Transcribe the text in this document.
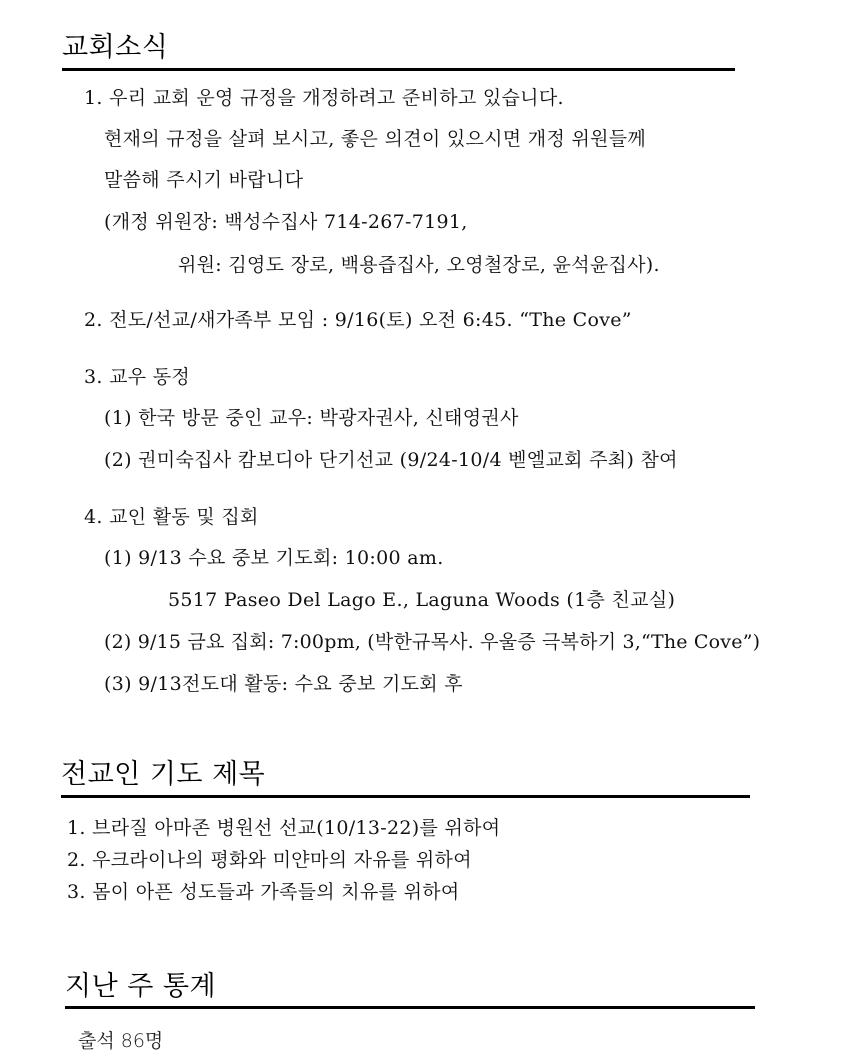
교회소식
1. 우리 교회 운영 규정을 개정하려고 준비하고 있습니다.
현재의 규정을 살펴 보시고, 좋은 의견이 있으시면 개정 위원들께
말씀해 주시기 바랍니다
(개정 위원장: 백성수집사 714-267-7191,
위원: 김영도 장로, 백용즙집사, 오영철장로, 윤석윤집사).
2. 전도/선교/새가족부 모임 : 9/16(토) 오전 6:45. “The Cove”
3. 교우 동정
(1) 한국 방문 중인 교우: 박광자권사, 신태영권사
(2) 권미숙집사 캄보디아 단기선교 (9/24-10/4 벧엘교회 주최) 참여
4. 교인 활동 및 집회
(1) 9/13 수요 중보 기도회: 10:00 am.
5517 Paseo Del Lago E., Laguna Woods (1층 친교실)
(2) 9/15 금요 집회: 7:00pm, (박한규목사. 우울증 극복하기 3,“The Cove”)
(3) 9/13전도대 활동: 수요 중보 기도회 후
전교인 기도 제목
1. 브라질 아마존 병원선 선교(10/13-22)를 위하여
2. 우크라이나의 평화와 미얀마의 자유를 위하여
3. 몸이 아픈 성도들과 가족들의 치유를 위하여
지난 주 통계
출석 86명
